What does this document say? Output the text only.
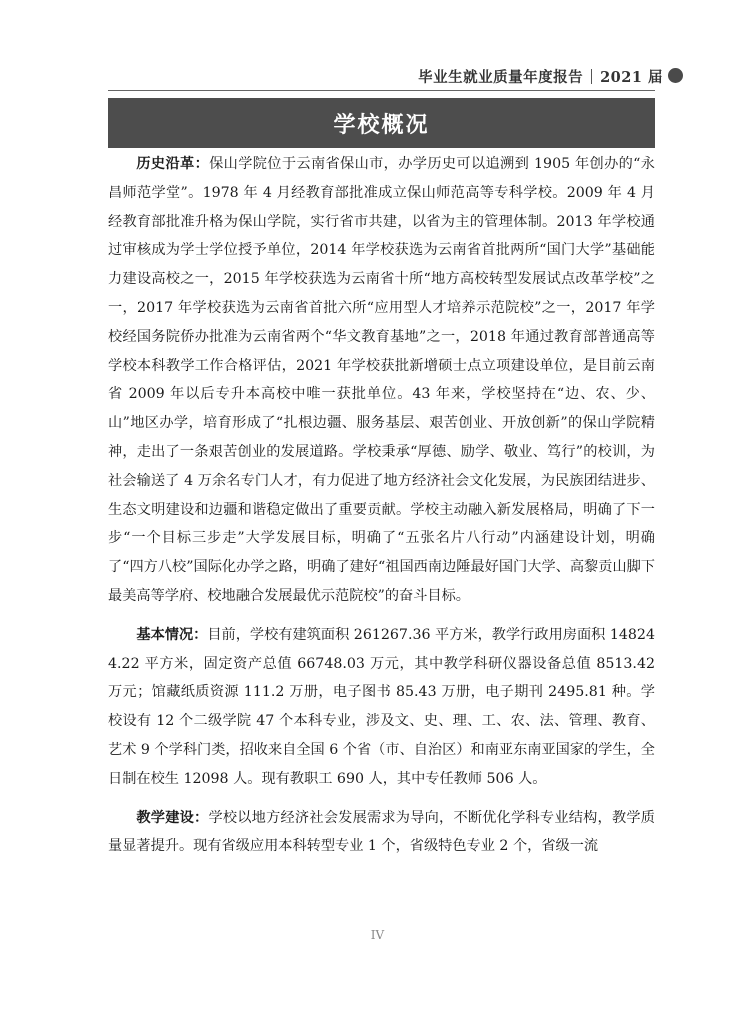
毕业生就业质量年度报告 2021 届
学校概况

历史沿革：保山学院位于云南省保山市，办学历史可以追溯到 1905 年创办的“永昌师范学堂”。1978 年 4 月经教育部批准成立保山师范高等专科学校。2009 年 4 月经教育部批准升格为保山学院，实行省市共建，以省为主的管理体制。2013 年学校通过审核成为学士学位授予单位，2014 年学校获选为云南省首批两所“国门大学”基础能力建设高校之一，2015 年学校获选为云南省十所“地方高校转型发展试点改革学校”之一，2017 年学校获选为云南省首批六所“应用型人才培养示范院校”之一，2017 年学校经国务院侨办批准为云南省两个“华文教育基地”之一，2018 年通过教育部普通高等学校本科教学工作合格评估，2021 年学校获批新增硕士点立项建设单位，是目前云南省 2009 年以后专升本高校中唯一获批单位。43 年来，学校坚持在“边、农、少、山”地区办学，培育形成了“扎根边疆、服务基层、艰苦创业、开放创新”的保山学院精神，走出了一条艰苦创业的发展道路。学校秉承“厚德、励学、敬业、笃行”的校训，为社会输送了 4 万余名专门人才，有力促进了地方经济社会文化发展，为民族团结进步、生态文明建设和边疆和谐稳定做出了重要贡献。学校主动融入新发展格局，明确了下一步“一个目标三步走”大学发展目标，明确了“五张名片八行动”内涵建设计划，明确了“四方八校”国际化办学之路，明确了建好“祖国西南边陲最好国门大学、高黎贡山脚下最美高等学府、校地融合发展最优示范院校”的奋斗目标。

基本情况：目前，学校有建筑面积 261267.36 平方米，教学行政用房面积 148244.22 平方米，固定资产总值 66748.03 万元，其中教学科研仪器设备总值 8513.42 万元；馆藏纸质资源 111.2 万册，电子图书 85.43 万册，电子期刊 2495.81 种。学校设有 12 个二级学院 47 个本科专业，涉及文、史、理、工、农、法、管理、教育、艺术 9 个学科门类，招收来自全国 6 个省（市、自治区）和南亚东南亚国家的学生，全日制在校生 12098 人。现有教职工 690 人，其中专任教师 506 人。

教学建设：学校以地方经济社会发展需求为导向，不断优化学科专业结构，教学质量显著提升。现有省级应用本科转型专业 1 个，省级特色专业 2 个，省级一流

IV
